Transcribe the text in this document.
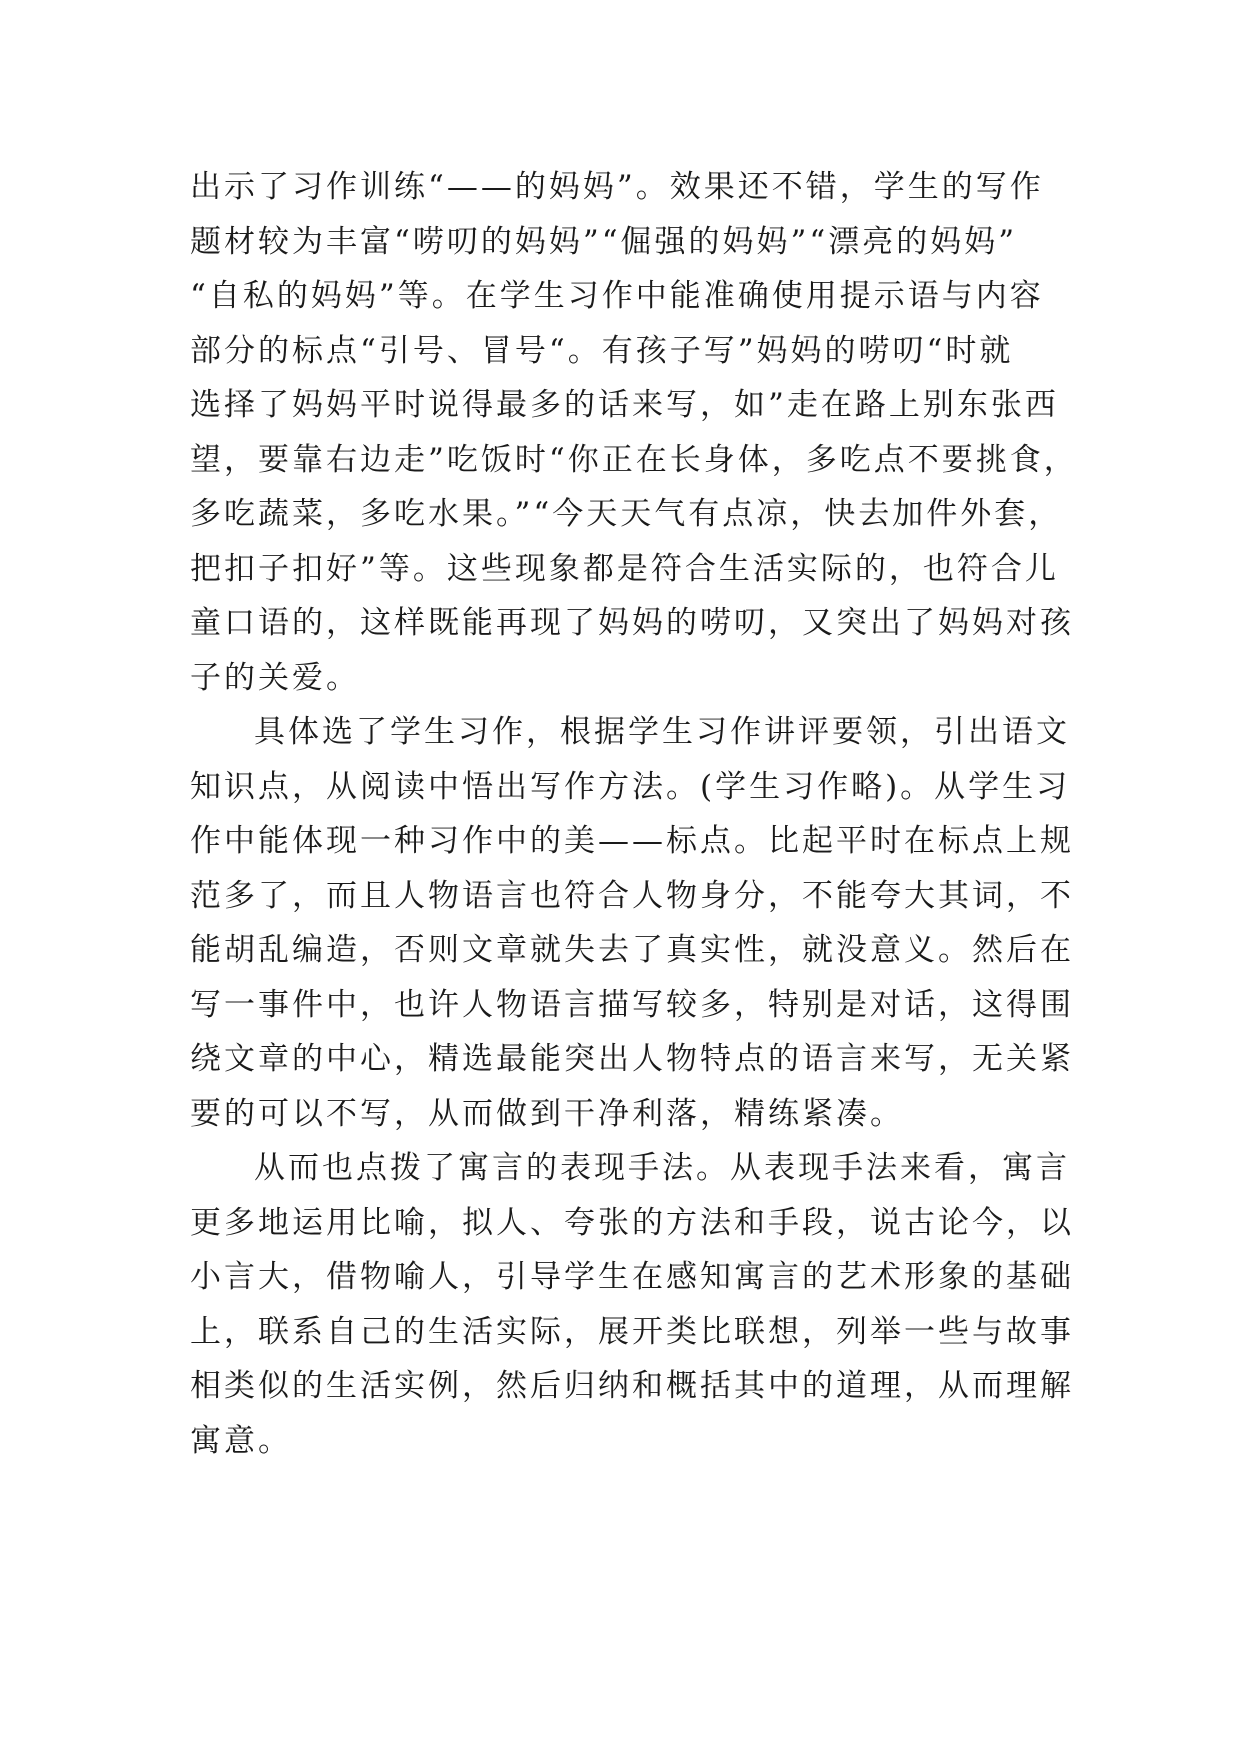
出示了习作训练“——的妈妈”。效果还不错，学生的写作
题材较为丰富“唠叨的妈妈”“倔强的妈妈”“漂亮的妈妈”
“自私的妈妈”等。在学生习作中能准确使用提示语与内容
部分的标点“引号、冒号“。有孩子写”妈妈的唠叨“时就
选择了妈妈平时说得最多的话来写，如”走在路上别东张西
望，要靠右边走”吃饭时“你正在长身体，多吃点不要挑食，
多吃蔬菜，多吃水果。”“今天天气有点凉，快去加件外套，
把扣子扣好”等。这些现象都是符合生活实际的，也符合儿
童口语的，这样既能再现了妈妈的唠叨，又突出了妈妈对孩
子的关爱。
具体选了学生习作，根据学生习作讲评要领，引出语文
知识点，从阅读中悟出写作方法。(学生习作略)。从学生习
作中能体现一种习作中的美——标点。比起平时在标点上规
范多了，而且人物语言也符合人物身分，不能夸大其词，不
能胡乱编造，否则文章就失去了真实性，就没意义。然后在
写一事件中，也许人物语言描写较多，特别是对话，这得围
绕文章的中心，精选最能突出人物特点的语言来写，无关紧
要的可以不写，从而做到干净利落，精练紧凑。
从而也点拨了寓言的表现手法。从表现手法来看，寓言
更多地运用比喻，拟人、夸张的方法和手段，说古论今，以
小言大，借物喻人，引导学生在感知寓言的艺术形象的基础
上，联系自己的生活实际，展开类比联想，列举一些与故事
相类似的生活实例，然后归纳和概括其中的道理，从而理解
寓意。
